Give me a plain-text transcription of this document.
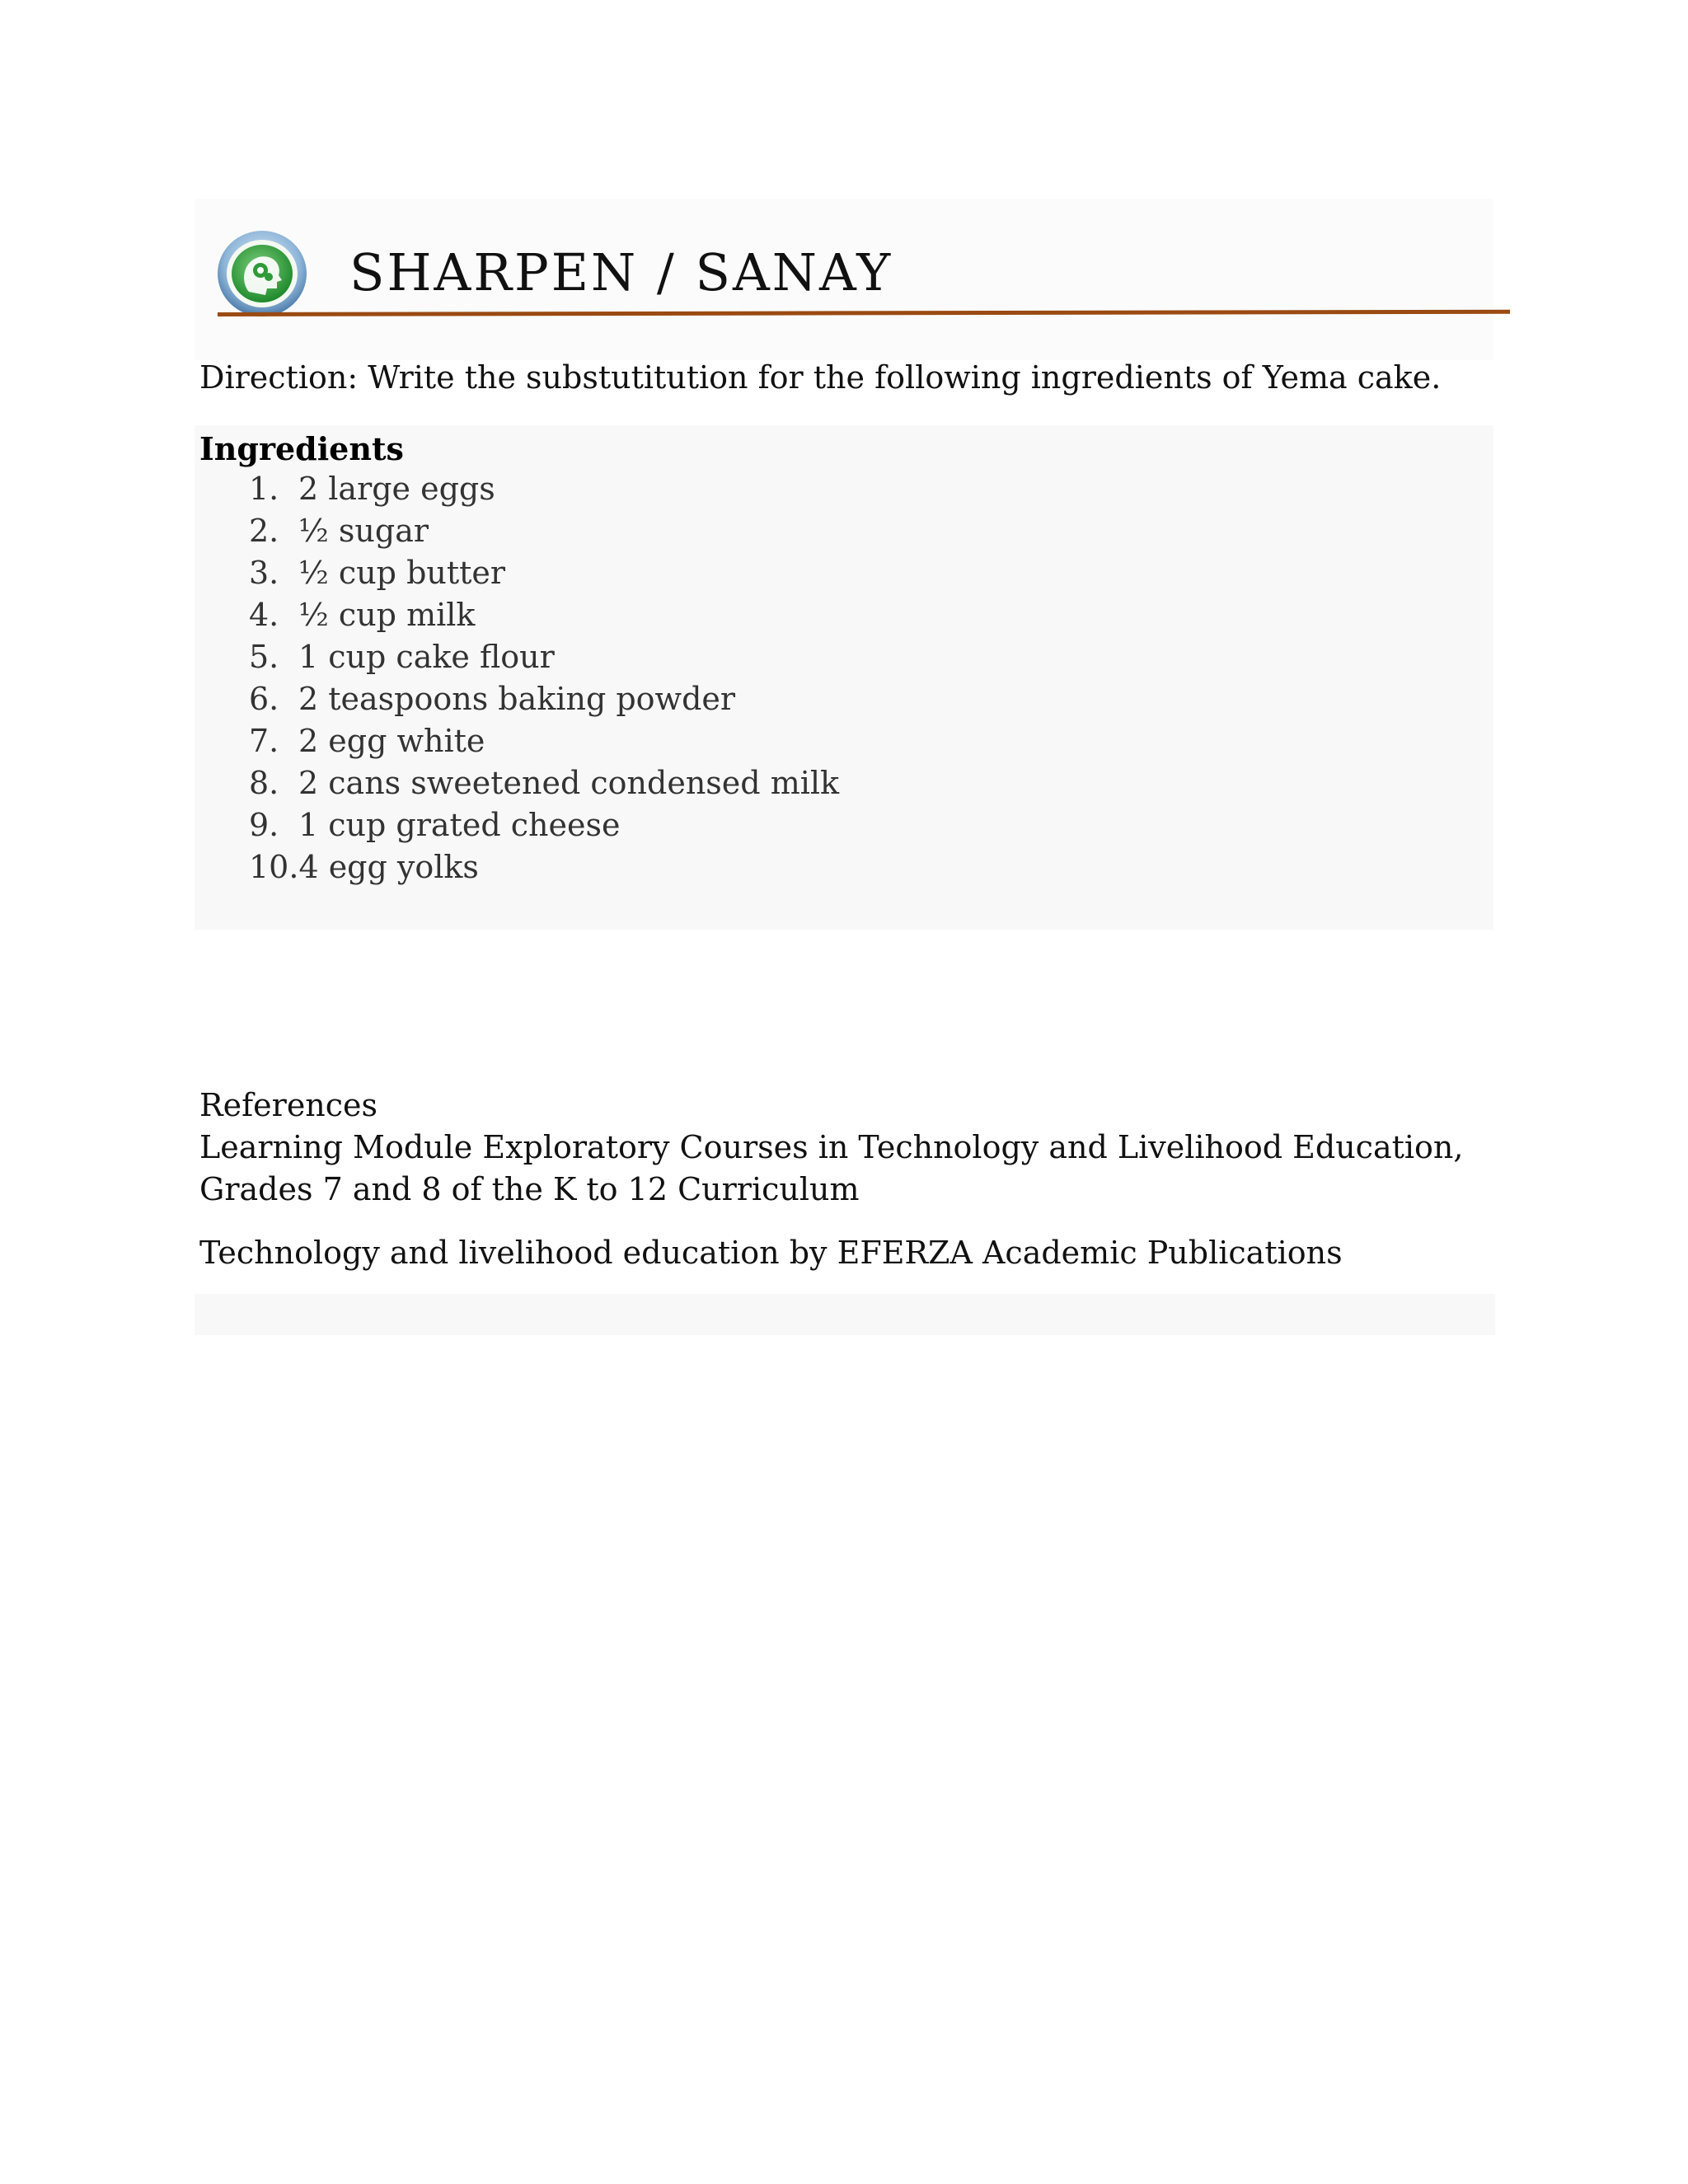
SHARPEN / SANAY
Direction: Write the substutitution for the following ingredients of Yema cake.
Ingredients
1. 2 large eggs
2. ½ sugar
3. ½ cup butter
4. ½ cup milk
5. 1 cup cake flour
6. 2 teaspoons baking powder
7. 2 egg white
8. 2 cans sweetened condensed milk
9. 1 cup grated cheese
10.4 egg yolks

References

Learning Module Exploratory Courses in Technology and Livelihood Education, Grades 7 and 8 of the K to 12 Curriculum

Technology and livelihood education by EFERZA Academic Publications
